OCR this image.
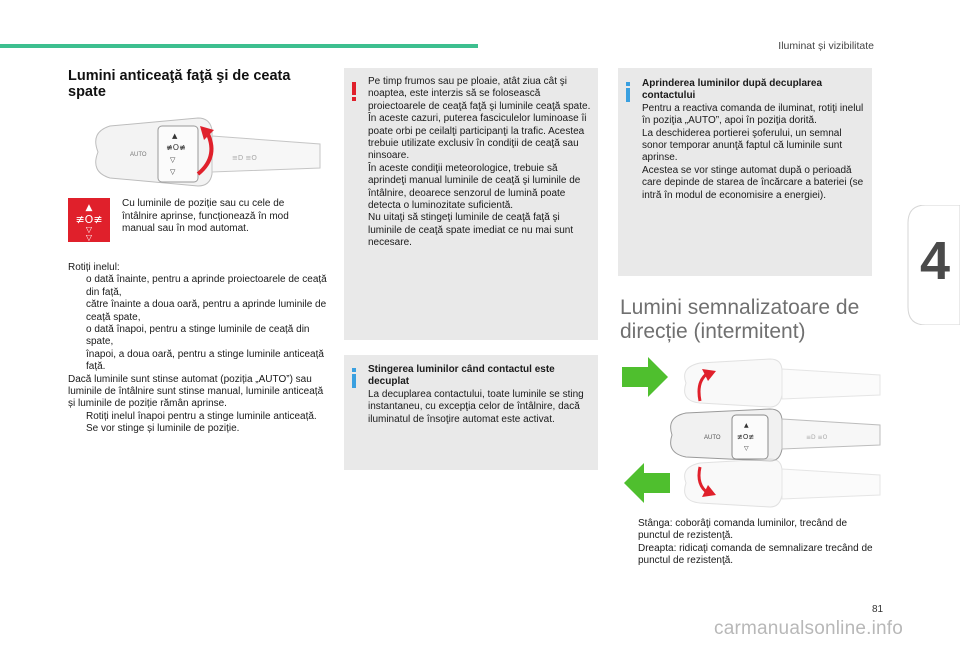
Iluminat și vizibilitate
4
Lumini anticeaţă faţă şi de ceata spate
AUTO
▲
≢O≢
▽
▽
≡D ≡O
▲
≢O≢
▽
▽
Cu luminile de poziție sau cu cele de întâlnire aprinse, funcționează în mod manual sau în mod automat.
Rotiți inelul:
o dată înainte, pentru a aprinde proiectoarele de ceață din față,
către înainte a doua oară, pentru a aprinde luminile de ceață spate,
o dată înapoi, pentru a stinge luminile de ceață din spate,
înapoi, a doua oară, pentru a stinge luminile anticeață față.
Dacă luminile sunt stinse automat (poziția „AUTO”) sau luminile de întâlnire sunt stinse manual, luminile anticeață și luminile de poziție rămân aprinse.
Rotiți inelul înapoi pentru a stinge luminile anticeață. Se vor stinge și luminile de poziție.
Pe timp frumos sau pe ploaie, atât ziua cât şi noaptea, este interzis să se folosească proiectoarele de ceaţă faţă şi luminile ceaţă spate. În aceste cazuri, puterea fasciculelor luminoase îi poate orbi pe ceilalţi participanţi la trafic. Acestea trebuie utilizate exclusiv în condiţii de ceaţă sau ninsoare.
În aceste condiţii meteorologice, trebuie să aprindeţi manual luminile de ceaţă şi luminile de întâlnire, deoarece senzorul de lumină poate detecta o luminozitate suficientă.
Nu uitaţi să stingeţi luminile de ceaţă faţă şi luminile de ceaţă spate imediat ce nu mai sunt necesare.
Stingerea luminilor când contactul este decuplat
La decuplarea contactului, toate luminile se sting instantaneu, cu excepţia celor de întâlnire, dacă iluminatul de însoţire automat este activat.
Aprinderea luminilor după decuplarea contactului
Pentru a reactiva comanda de iluminat, rotiţi inelul în poziţia „AUTO”, apoi în poziţia dorită.
La deschiderea portierei şoferului, un semnal sonor temporar anunţă faptul că luminile sunt aprinse.
Acestea se vor stinge automat după o perioadă care depinde de starea de încărcare a bateriei (se intră în modul de economisire a energiei).
Lumini semnalizatoare de direcție (intermitent)
AUTO
▲
≢O≢
▽
≡D ≡O
Stânga: coborâţi comanda luminilor, trecând de punctul de rezistenţă.
Dreapta: ridicaţi comanda de semnalizare trecând de punctul de rezistenţă.
81
carmanualsonline.info
